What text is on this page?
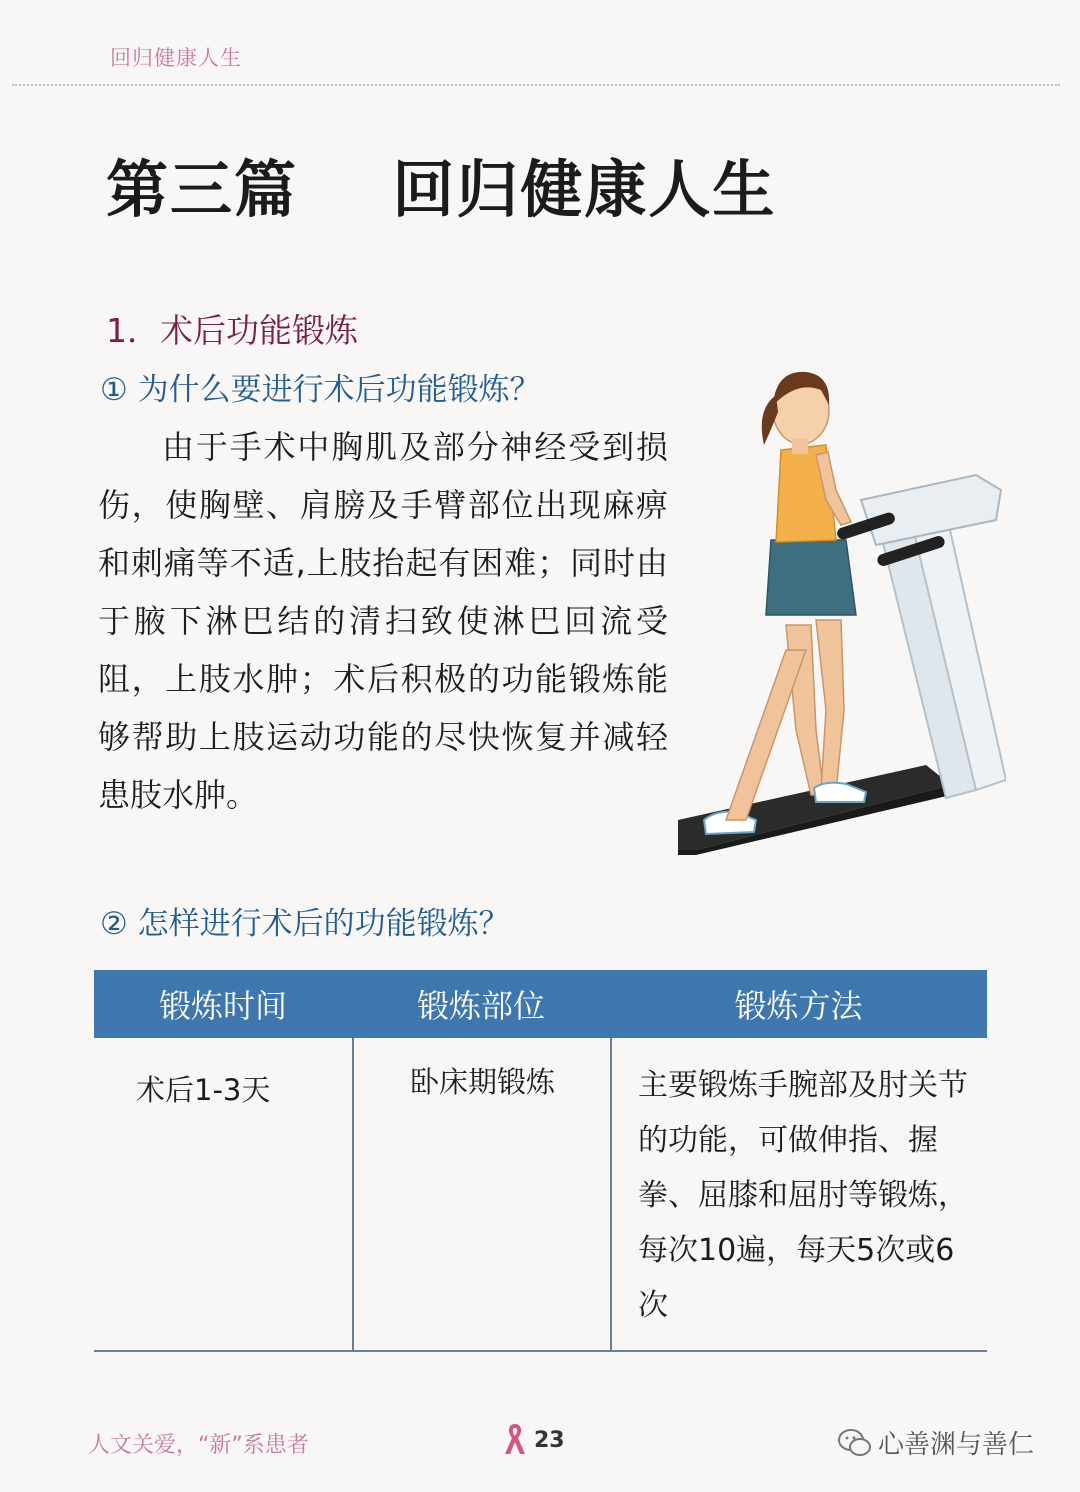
回归健康人生
第三篇    回归健康人生
1．术后功能锻炼
① 为什么要进行术后功能锻炼？

由于手术中胸肌及部分神经受到损伤，使胸壁、肩膀及手臂部位出现麻痹和刺痛等不适,上肢抬起有困难；同时由于腋下淋巴结的清扫致使淋巴回流受阻，上肢水肿；术后积极的功能锻炼能够帮助上肢运动功能的尽快恢复并减轻患肢水肿。

② 怎样进行术后的功能锻炼？
锻炼时间	锻炼部位	锻炼方法
术后1-3天	卧床期锻炼	主要锻炼手腕部及肘关节的功能，可做伸指、握拳、屈膝和屈肘等锻炼，　每次10遍，每天5次或6次

人文关爱，“新”系患者	23	心善渊与善仁
